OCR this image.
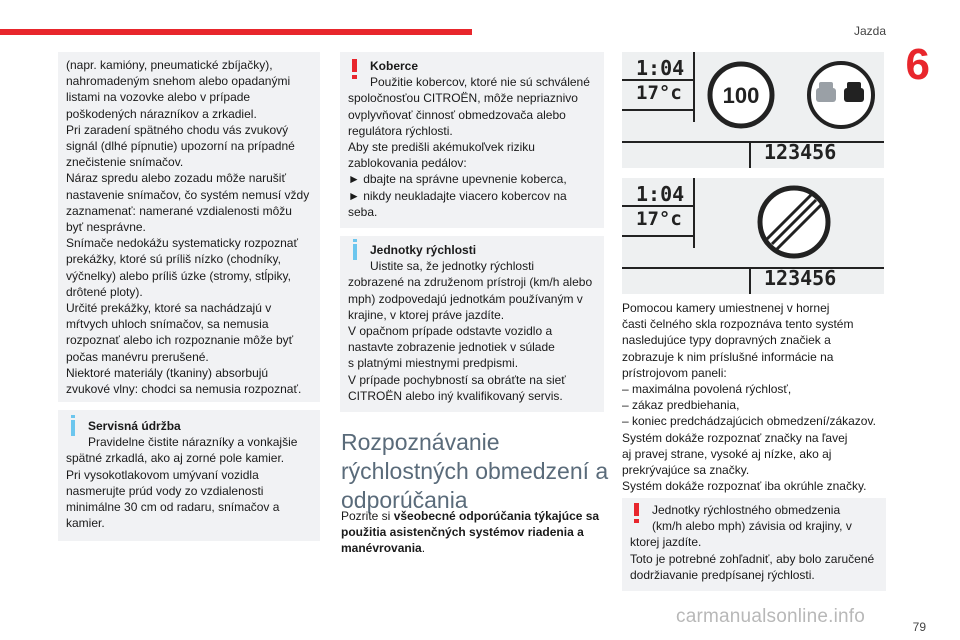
Jazda
6

(napr. kamióny, pneumatické zbíjačky),

nahromadeným snehom alebo opadanými

listami na vozovke alebo v prípade

poškodených nárazníkov a zrkadiel.

Pri zaradení spätného chodu vás zvukový

signál (dlhé pípnutie) upozorní na prípadné

znečistenie snímačov.

Náraz spredu alebo zozadu môže narušiť

nastavenie snímačov, čo systém nemusí vždy

zaznamenať: namerané vzdialenosti môžu

byť nesprávne.

Snímače nedokážu systematicky rozpoznať

prekážky, ktoré sú príliš nízko (chodníky,

výčnelky) alebo príliš úzke (stromy, stĺpiky,

drôtené ploty).

Určité prekážky, ktoré sa nachádzajú v

mŕtvych uhloch snímačov, sa nemusia

rozpoznať alebo ich rozpoznanie môže byť

počas manévru prerušené.

Niektoré materiály (tkaniny) absorbujú

zvukové vlny: chodci sa nemusia rozpoznať.

Servisná údržba

Pravidelne čistite nárazníky a vonkajšie

spätné zrkadlá, ako aj zorné pole kamier.

Pri vysokotlakovom umývaní vozidla

nasmerujte prúd vody zo vzdialenosti

minimálne 30 cm od radaru, snímačov a

kamier.

Koberce

Použitie kobercov, ktoré nie sú schválené

spoločnosťou CITROËN, môže nepriaznivo

ovplyvňovať činnosť obmedzovača alebo

regulátora rýchlosti.

Aby ste predišli akémukoľvek riziku

zablokovania pedálov:

► dbajte na správne upevnenie koberca,

► nikdy neukladajte viacero kobercov na

seba.

Jednotky rýchlosti

Uistite sa, že jednotky rýchlosti

zobrazené na združenom prístroji (km/h alebo

mph) zodpovedajú jednotkám používaným v

krajine, v ktorej práve jazdíte.

V opačnom prípade odstavte vozidlo a

nastavte zobrazenie jednotiek v súlade

s platnými miestnymi predpismi.

V prípade pochybností sa obráťte na sieť

CITROËN alebo iný kvalifikovaný servis.

Rozpoznávanie
rýchlostných obmedzení a
odporúčania

Pozrite si všeobecné odporúčania týkajúce sa

použitia asistenčných systémov riadenia a

manévrovania.

1:04
17°c 100
123456
1:04
17°c
123456

Pomocou kamery umiestnenej v hornej

časti čelného skla rozpoznáva tento systém

nasledujúce typy dopravných značiek a

zobrazuje k nim príslušné informácie na

prístrojovom paneli:

– maximálna povolená rýchlosť,

– zákaz predbiehania,

– koniec predchádzajúcich obmedzení/zákazov.

Systém dokáže rozpoznať značky na ľavej

aj pravej strane, vysoké aj nízke, ako aj

prekrývajúce sa značky.

Systém dokáže rozpoznať iba okrúhle značky.

Jednotky rýchlostného obmedzenia

(km/h alebo mph) závisia od krajiny, v

ktorej jazdíte.

Toto je potrebné zohľadniť, aby bolo zaručené

dodržiavanie predpísanej rýchlosti.

carmanualsonline.info	79
